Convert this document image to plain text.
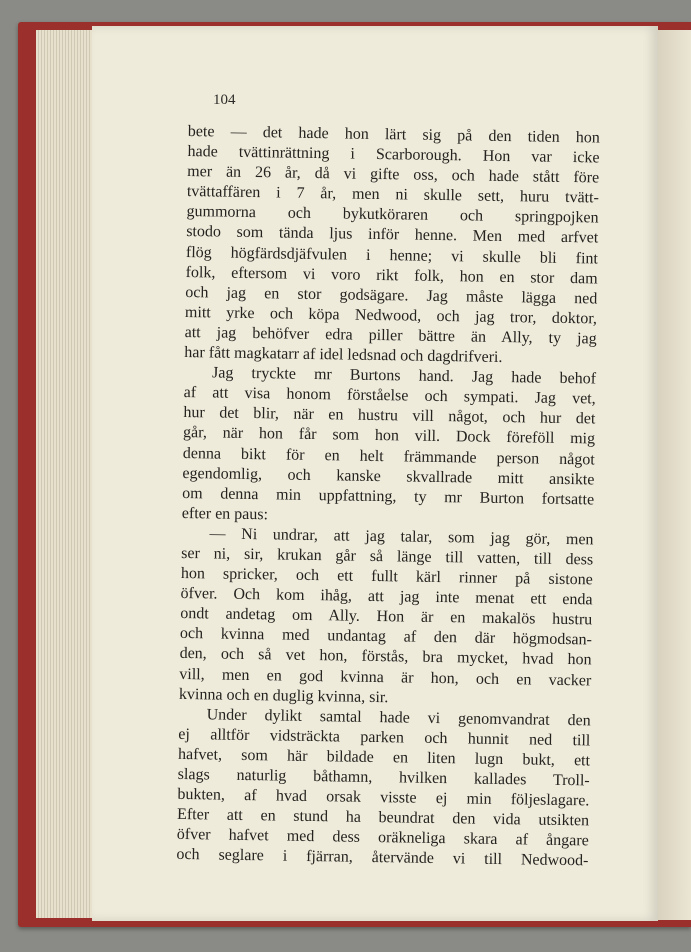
104
bete — det hade hon lärt sig på den tiden hon
hade tvättinrättning i Scarborough. Hon var icke
mer än 26 år, då vi gifte oss, och hade stått före
tvättaffären i 7 år, men ni skulle sett, huru tvätt-
gummorna och bykutköraren och springpojken
stodo som tända ljus inför henne. Men med arfvet
flög högfärdsdjäfvulen i henne; vi skulle bli fint
folk, eftersom vi voro rikt folk, hon en stor dam
och jag en stor godsägare. Jag måste lägga ned
mitt yrke och köpa Nedwood, och jag tror, doktor,
att jag behöfver edra piller bättre än Ally, ty jag
har fått magkatarr af idel ledsnad och dagdrifveri.
Jag tryckte mr Burtons hand. Jag hade behof
af att visa honom förståelse och sympati. Jag vet,
hur det blir, när en hustru vill något, och hur det
går, när hon får som hon vill. Dock föreföll mig
denna bikt för en helt främmande person något
egendomlig, och kanske skvallrade mitt ansikte
om denna min uppfattning, ty mr Burton fortsatte
efter en paus:
— Ni undrar, att jag talar, som jag gör, men
ser ni, sir, krukan går så länge till vatten, till dess
hon spricker, och ett fullt kärl rinner på sistone
öfver. Och kom ihåg, att jag inte menat ett enda
ondt andetag om Ally. Hon är en makalös hustru
och kvinna med undantag af den där högmodsan-
den, och så vet hon, förstås, bra mycket, hvad hon
vill, men en god kvinna är hon, och en vacker
kvinna och en duglig kvinna, sir.
Under dylikt samtal hade vi genomvandrat den
ej alltför vidsträckta parken och hunnit ned till
hafvet, som här bildade en liten lugn bukt, ett
slags naturlig båthamn, hvilken kallades Troll-
bukten, af hvad orsak visste ej min följeslagare.
Efter att en stund ha beundrat den vida utsikten
öfver hafvet med dess oräkneliga skara af ångare
och seglare i fjärran, återvände vi till Nedwood-
